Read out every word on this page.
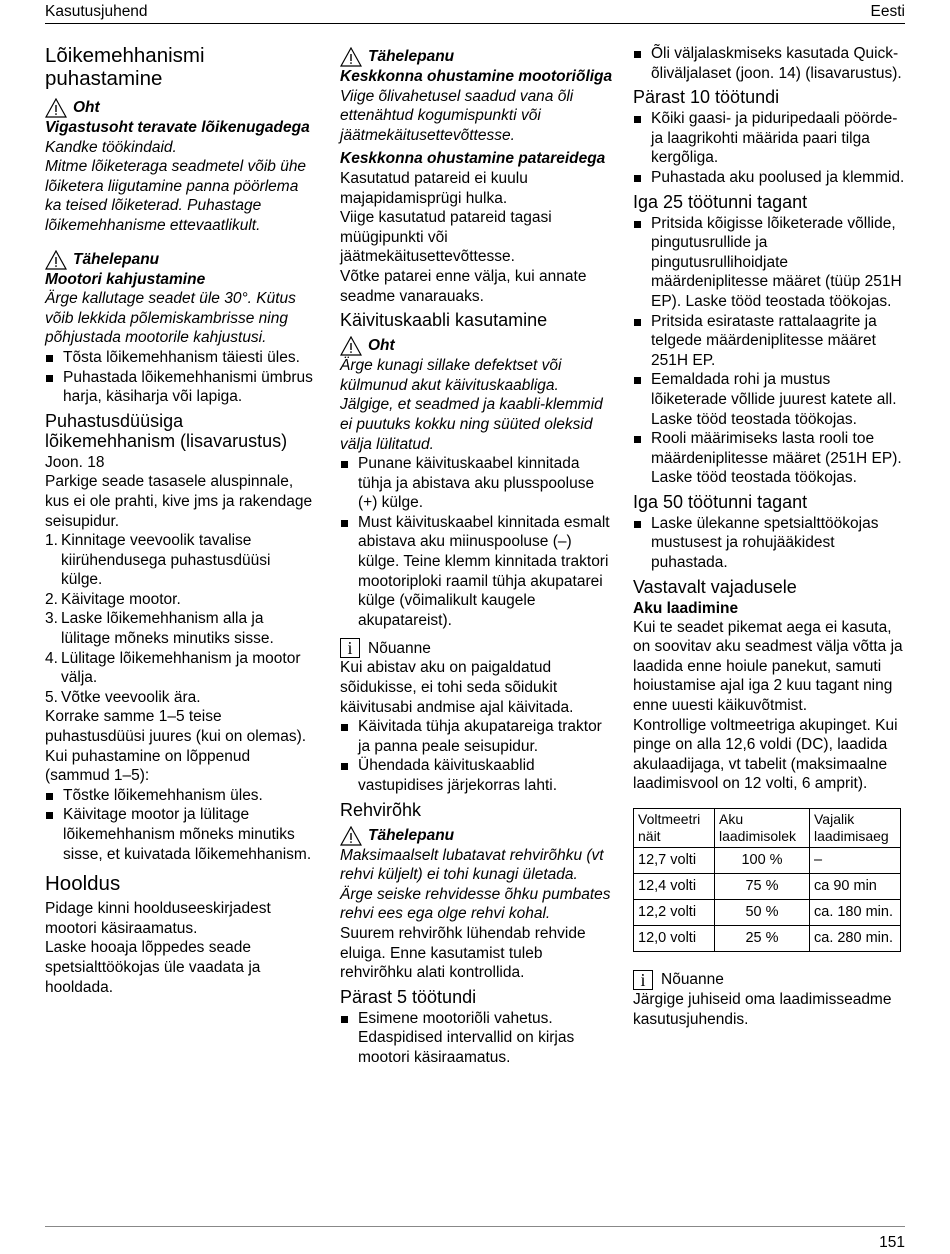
Kasutusjuhend	Eesti
Lõikemehhanismi puhastamine
Oht

Vigastusoht teravate lõikenugadega

Kandke töökindaid.

Mitme lõiketeraga seadmetel võib ühe lõiketera liigutamine panna pöörlema ka teised lõiketerad. Puhastage lõikemehhanisme ettevaatlikult.

Tähelepanu

Mootori kahjustamine

Ärge kallutage seadet üle 30°. Kütus võib lekkida põlemiskambrisse ning põhjustada mootorile kahjustusi.

Tõsta lõikemehhanism täiesti üles.
Puhastada lõikemehhanismi ümbrus harja, käsiharja või lapiga.
Puhastusdüüsiga lõikemehhanism (lisavarustus)

Joon. 18

Parkige seade tasasele aluspinnale, kus ei ole prahti, kive jms ja rakendage seisupidur.

1. Kinnitage veevoolik tavalise kiirühendusega puhastusdüüsi külge.
2. Käivitage mootor.
3. Laske lõikemehhanism alla ja lülitage mõneks minutiks sisse.
4. Lülitage lõikemehhanism ja mootor välja.
5. Võtke veevoolik ära.

Korrake samme 1–5 teise puhastusdüüsi juures (kui on olemas).

Kui puhastamine on lõppenud (sammud 1–5):

Tõstke lõikemehhanism üles.
Käivitage mootor ja lülitage lõikemehhanism mõneks minutiks sisse, et kuivatada lõikemehhanism.
Hooldus

Pidage kinni hoolduseeskirjadest mootori käsiraamatus.

Laske hooaja lõppedes seade spetsialttöökojas üle vaadata ja hooldada.

Tähelepanu

Keskkonna ohustamine mootoriõliga

Viige õlivahetusel saadud vana õli ettenähtud kogumispunkti või jäätmekäitusettevõttesse.

Keskkonna ohustamine patareidega

Kasutatud patareid ei kuulu majapidamisprügi hulka.

Viige kasutatud patareid tagasi müügipunkti või jäätmekäitusettevõttesse.

Võtke patarei enne välja, kui annate seadme vanarauaks.

Käivituskaabli kasutamine
Oht

Ärge kunagi sillake defektset või külmunud akut käivituskaabliga. Jälgige, et seadmed ja kaabli-klemmid ei puutuks kokku ning süüted oleksid välja lülitatud.

Punane käivituskaabel kinnitada tühja ja abistava aku plusspooluse (+) külge.
Must käivituskaabel kinnitada esmalt abistava aku miinuspooluse (–) külge. Teine klemm kinnitada traktori mootoriploki raamil tühja akupatarei külge (võimalikult kaugele akupatareist).
i	Nõuanne

Kui abistav aku on paigaldatud sõidukisse, ei tohi seda sõidukit käivitusabi andmise ajal käivitada.

Käivitada tühja akupatareiga traktor ja panna peale seisupidur.
Ühendada käivituskaablid vastupidises järjekorras lahti.
Rehvirõhk
Tähelepanu

Maksimaalselt lubatavat rehvirõhku (vt rehvi küljelt) ei tohi kunagi ületada. Ärge seiske rehvidesse õhku pumbates rehvi ees ega olge rehvi kohal.

Suurem rehvirõhk lühendab rehvide eluiga. Enne kasutamist tuleb rehvirõhku alati kontrollida.

Pärast 5 töötundi
Esimene mootoriõli vahetus. Edaspidised intervallid on kirjas mootori käsiraamatus.
Õli väljalaskmiseks kasutada Quick-õliväljalaset (joon. 14) (lisavarustus).
Pärast 10 töötundi
Kõiki gaasi- ja piduripedaali pöörde- ja laagrikohti määrida paari tilga kergõliga.
Puhastada aku poolused ja klemmid.
Iga 25 töötunni tagant
Pritsida kõigisse lõiketerade võllide, pingutusrullide ja pingutusrullihoidjate määrdeniplitesse määret (tüüp 251H EP). Laske tööd teostada töökojas.
Pritsida esirataste rattalaagrite ja telgede määrdeniplitesse määret 251H EP.
Eemaldada rohi ja mustus lõiketerade võllide juurest katete all. Laske tööd teostada töökojas.
Rooli määrimiseks lasta rooli toe määrdeniplitesse määret (251H EP). Laske tööd teostada töökojas.
Iga 50 töötunni tagant
Laske ülekanne spetsialttöökojas mustusest ja rohujääkidest puhastada.
Vastavalt vajadusele
Aku laadimine

Kui te seadet pikemat aega ei kasuta, on soovitav aku seadmest välja võtta ja laadida enne hoiule panekut, samuti hoiustamise ajal iga 2 kuu tagant ning enne uuesti käikuvõtmist.

Kontrollige voltmeetriga akupinget. Kui pinge on alla 12,6 voldi (DC), laadida akulaadijaga, vt tabelit (maksimaalne laadimisvool on 12 volti, 6 amprit).

Voltmeetri näit	Aku laadimisolek	Vajalik laadimisaeg
12,7 volti	100 %	–
12,4 volti	75 %	ca 90 min
12,2 volti	50 %	ca. 180 min.
12,0 volti	25 %	ca. 280 min.
i	Nõuanne

Järgige juhiseid oma laadimisseadme kasutusjuhendis.

151
